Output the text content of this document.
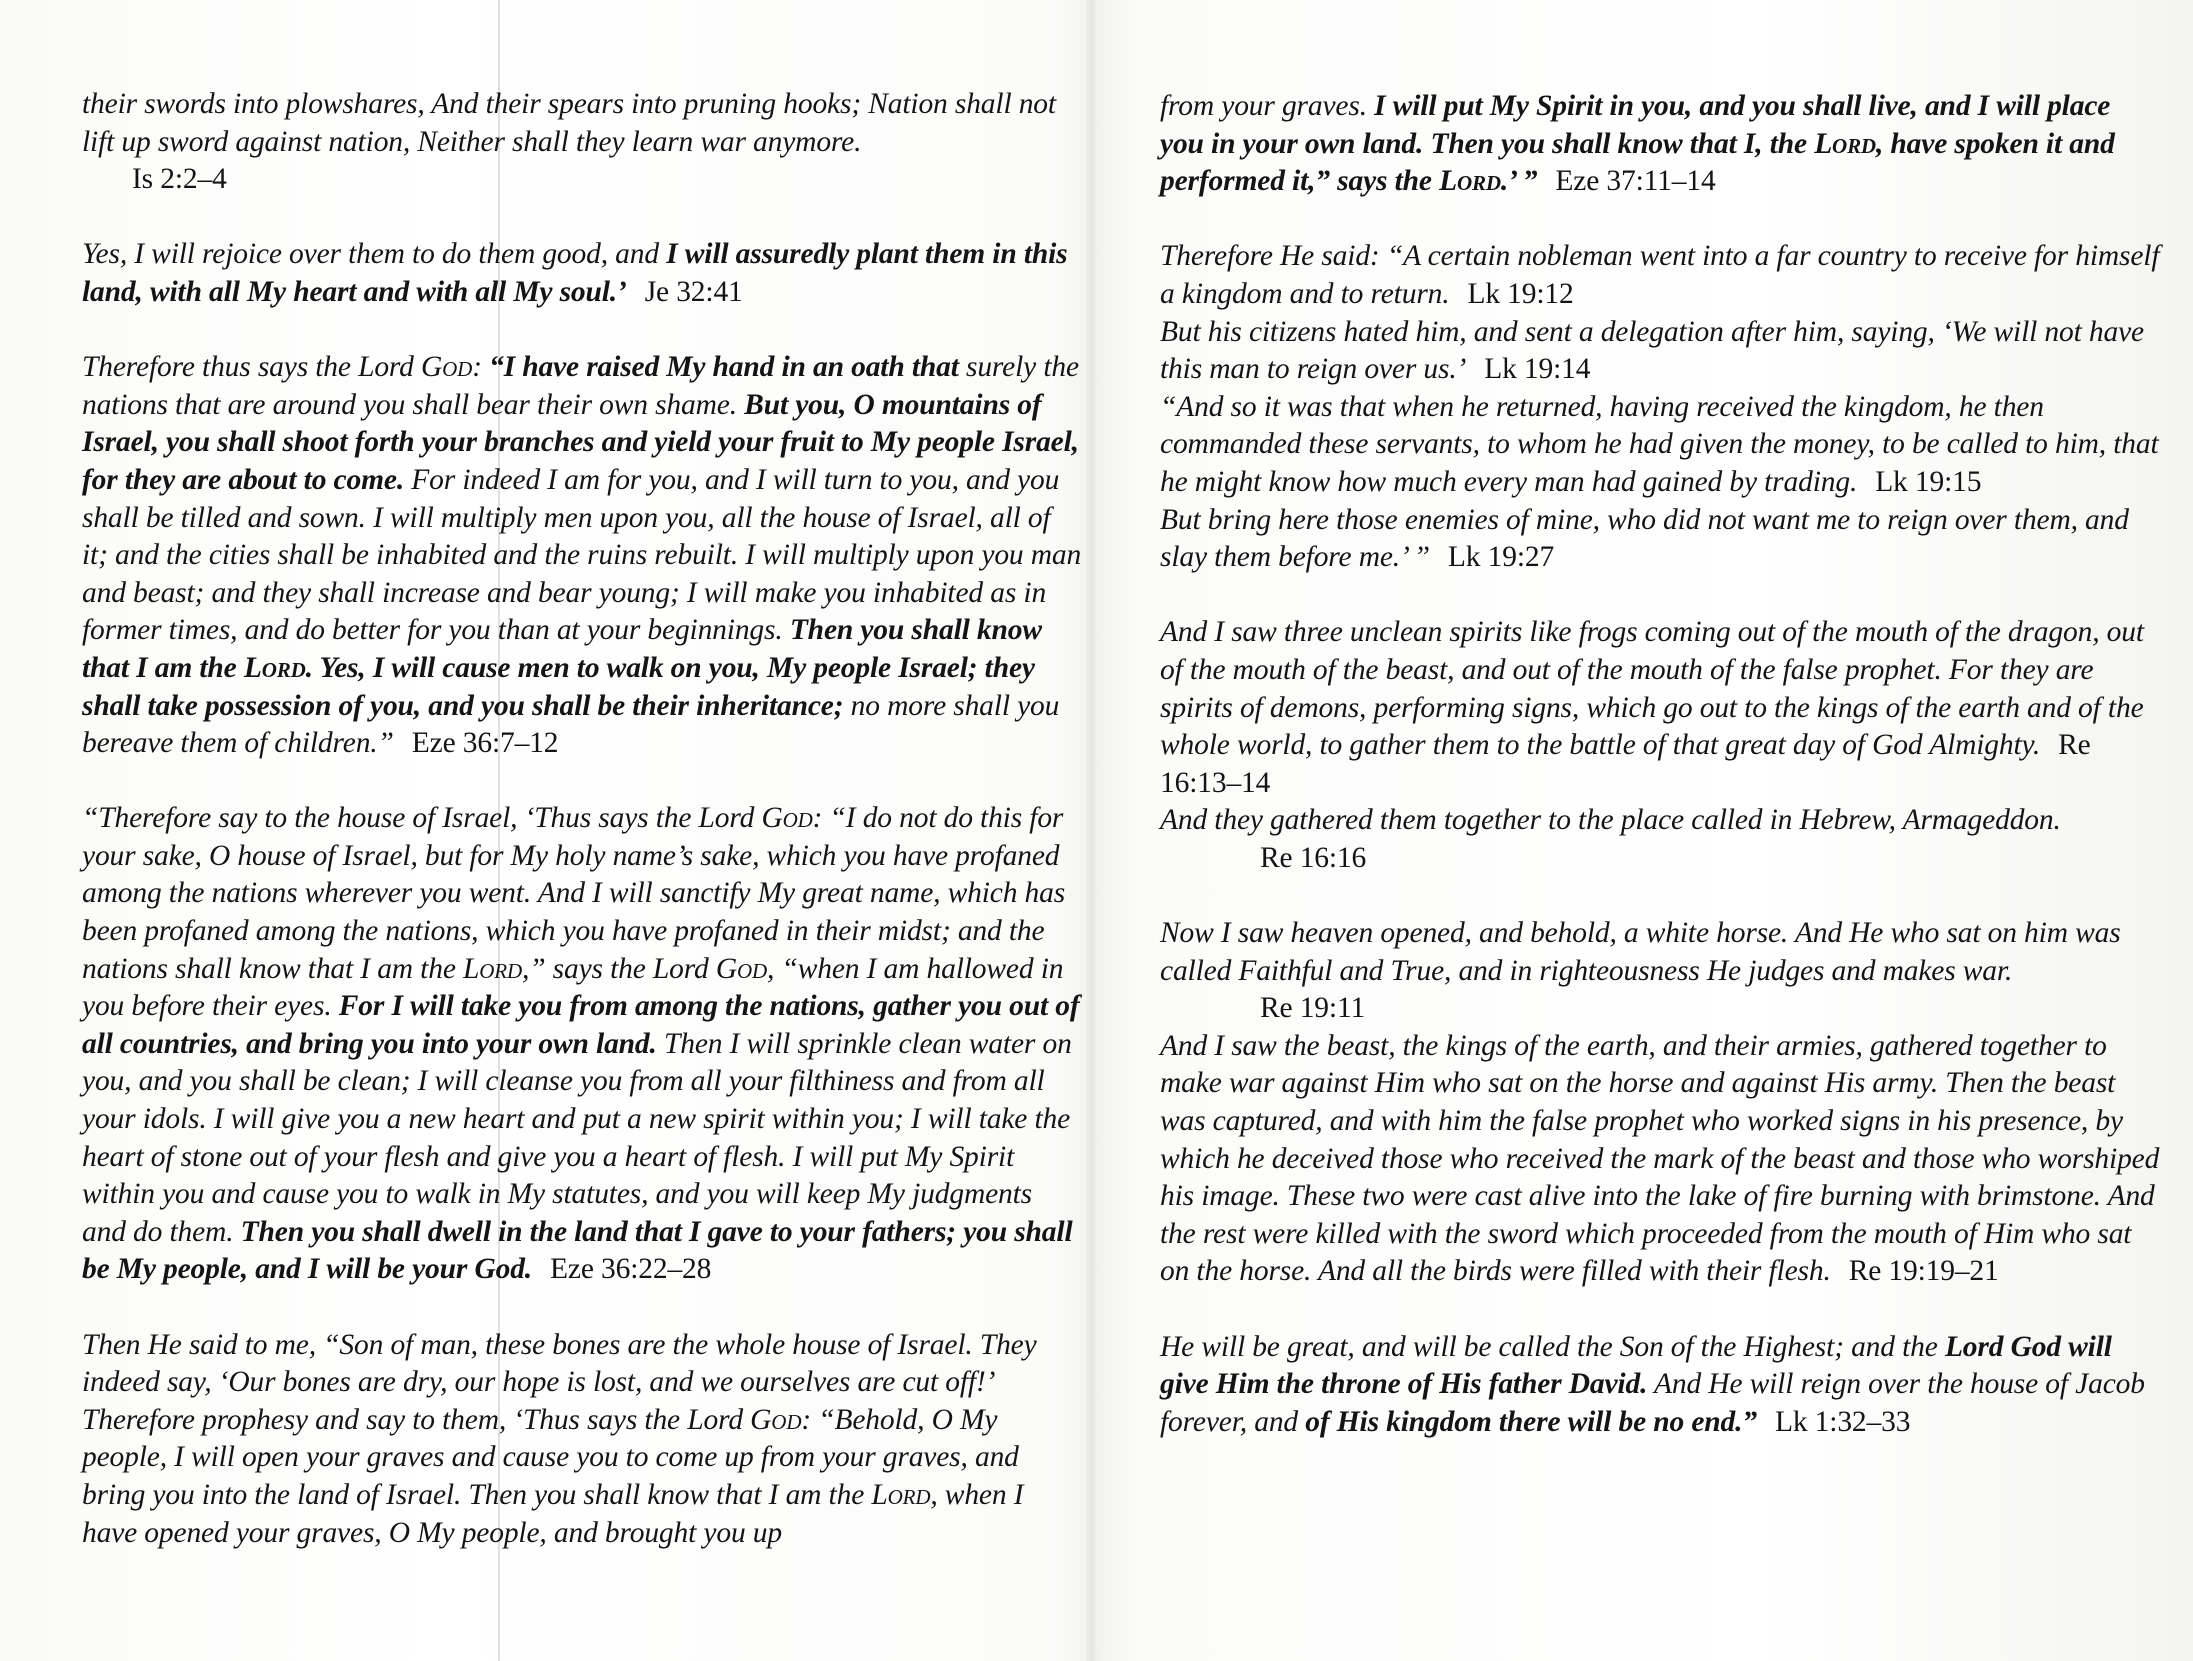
their swords into plowshares, And their spears into pruning hooks; Nation shall not lift up sword against nation, Neither shall they learn war anymore.
Is 2:2–4

Yes, I will rejoice over them to do them good, and I will assuredly plant them in this land, with all My heart and with all My soul.’ Je 32:41

Therefore thus says the Lord God: “I have raised My hand in an oath that surely the nations that are around you shall bear their own shame. But you, O mountains of Israel, you shall shoot forth your branches and yield your fruit to My people Israel, for they are about to come. For indeed I am for you, and I will turn to you, and you shall be tilled and sown. I will multiply men upon you, all the house of Israel, all of it; and the cities shall be inhabited and the ruins rebuilt. I will multiply upon you man and beast; and they shall increase and bear young; I will make you inhabited as in former times, and do better for you than at your beginnings. Then you shall know that I am the Lord. Yes, I will cause men to walk on you, My people Israel; they shall take possession of you, and you shall be their inheritance; no more shall you bereave them of children.” Eze 36:7–12

“Therefore say to the house of Israel, ‘Thus says the Lord God: “I do not do this for your sake, O house of Israel, but for My holy name’s sake, which you have profaned among the nations wherever you went. And I will sanctify My great name, which has been profaned among the nations, which you have profaned in their midst; and the nations shall know that I am the Lord,” says the Lord God, “when I am hallowed in you before their eyes. For I will take you from among the nations, gather you out of all countries, and bring you into your own land. Then I will sprinkle clean water on you, and you shall be clean; I will cleanse you from all your filthiness and from all your idols. I will give you a new heart and put a new spirit within you; I will take the heart of stone out of your flesh and give you a heart of flesh. I will put My Spirit within you and cause you to walk in My statutes, and you will keep My judgments and do them. Then you shall dwell in the land that I gave to your fathers; you shall be My people, and I will be your God. Eze 36:22–28

Then He said to me, “Son of man, these bones are the whole house of Israel. They indeed say, ‘Our bones are dry, our hope is lost, and we ourselves are cut off!’ Therefore prophesy and say to them, ‘Thus says the Lord God: “Behold, O My people, I will open your graves and cause you to come up from your graves, and bring you into the land of Israel. Then you shall know that I am the Lord, when I have opened your graves, O My people, and brought you up

from your graves. I will put My Spirit in you, and you shall live, and I will place you in your own land. Then you shall know that I, the Lord, have spoken it and performed it,” says the Lord.’ ” Eze 37:11–14

Therefore He said: “A certain nobleman went into a far country to receive for himself a kingdom and to return. Lk 19:12

But his citizens hated him, and sent a delegation after him, saying, ‘We will not have this man to reign over us.’ Lk 19:14

“And so it was that when he returned, having received the kingdom, he then commanded these servants, to whom he had given the money, to be called to him, that he might know how much every man had gained by trading. Lk 19:15

But bring here those enemies of mine, who did not want me to reign over them, and slay them before me.’ ” Lk 19:27

And I saw three unclean spirits like frogs coming out of the mouth of the dragon, out of the mouth of the beast, and out of the mouth of the false prophet. For they are spirits of demons, performing signs, which go out to the kings of the earth and of the whole world, to gather them to the battle of that great day of God Almighty. Re 16:13–14

And they gathered them together to the place called in Hebrew, Armageddon.
Re 16:16

Now I saw heaven opened, and behold, a white horse. And He who sat on him was called Faithful and True, and in righteousness He judges and makes war.
Re 19:11

And I saw the beast, the kings of the earth, and their armies, gathered together to make war against Him who sat on the horse and against His army. Then the beast was captured, and with him the false prophet who worked signs in his presence, by which he deceived those who received the mark of the beast and those who worshiped his image. These two were cast alive into the lake of fire burning with brimstone. And the rest were killed with the sword which proceeded from the mouth of Him who sat on the horse. And all the birds were filled with their flesh. Re 19:19–21

He will be great, and will be called the Son of the Highest; and the Lord God will give Him the throne of His father David. And He will reign over the house of Jacob forever, and of His kingdom there will be no end.” Lk 1:32–33
